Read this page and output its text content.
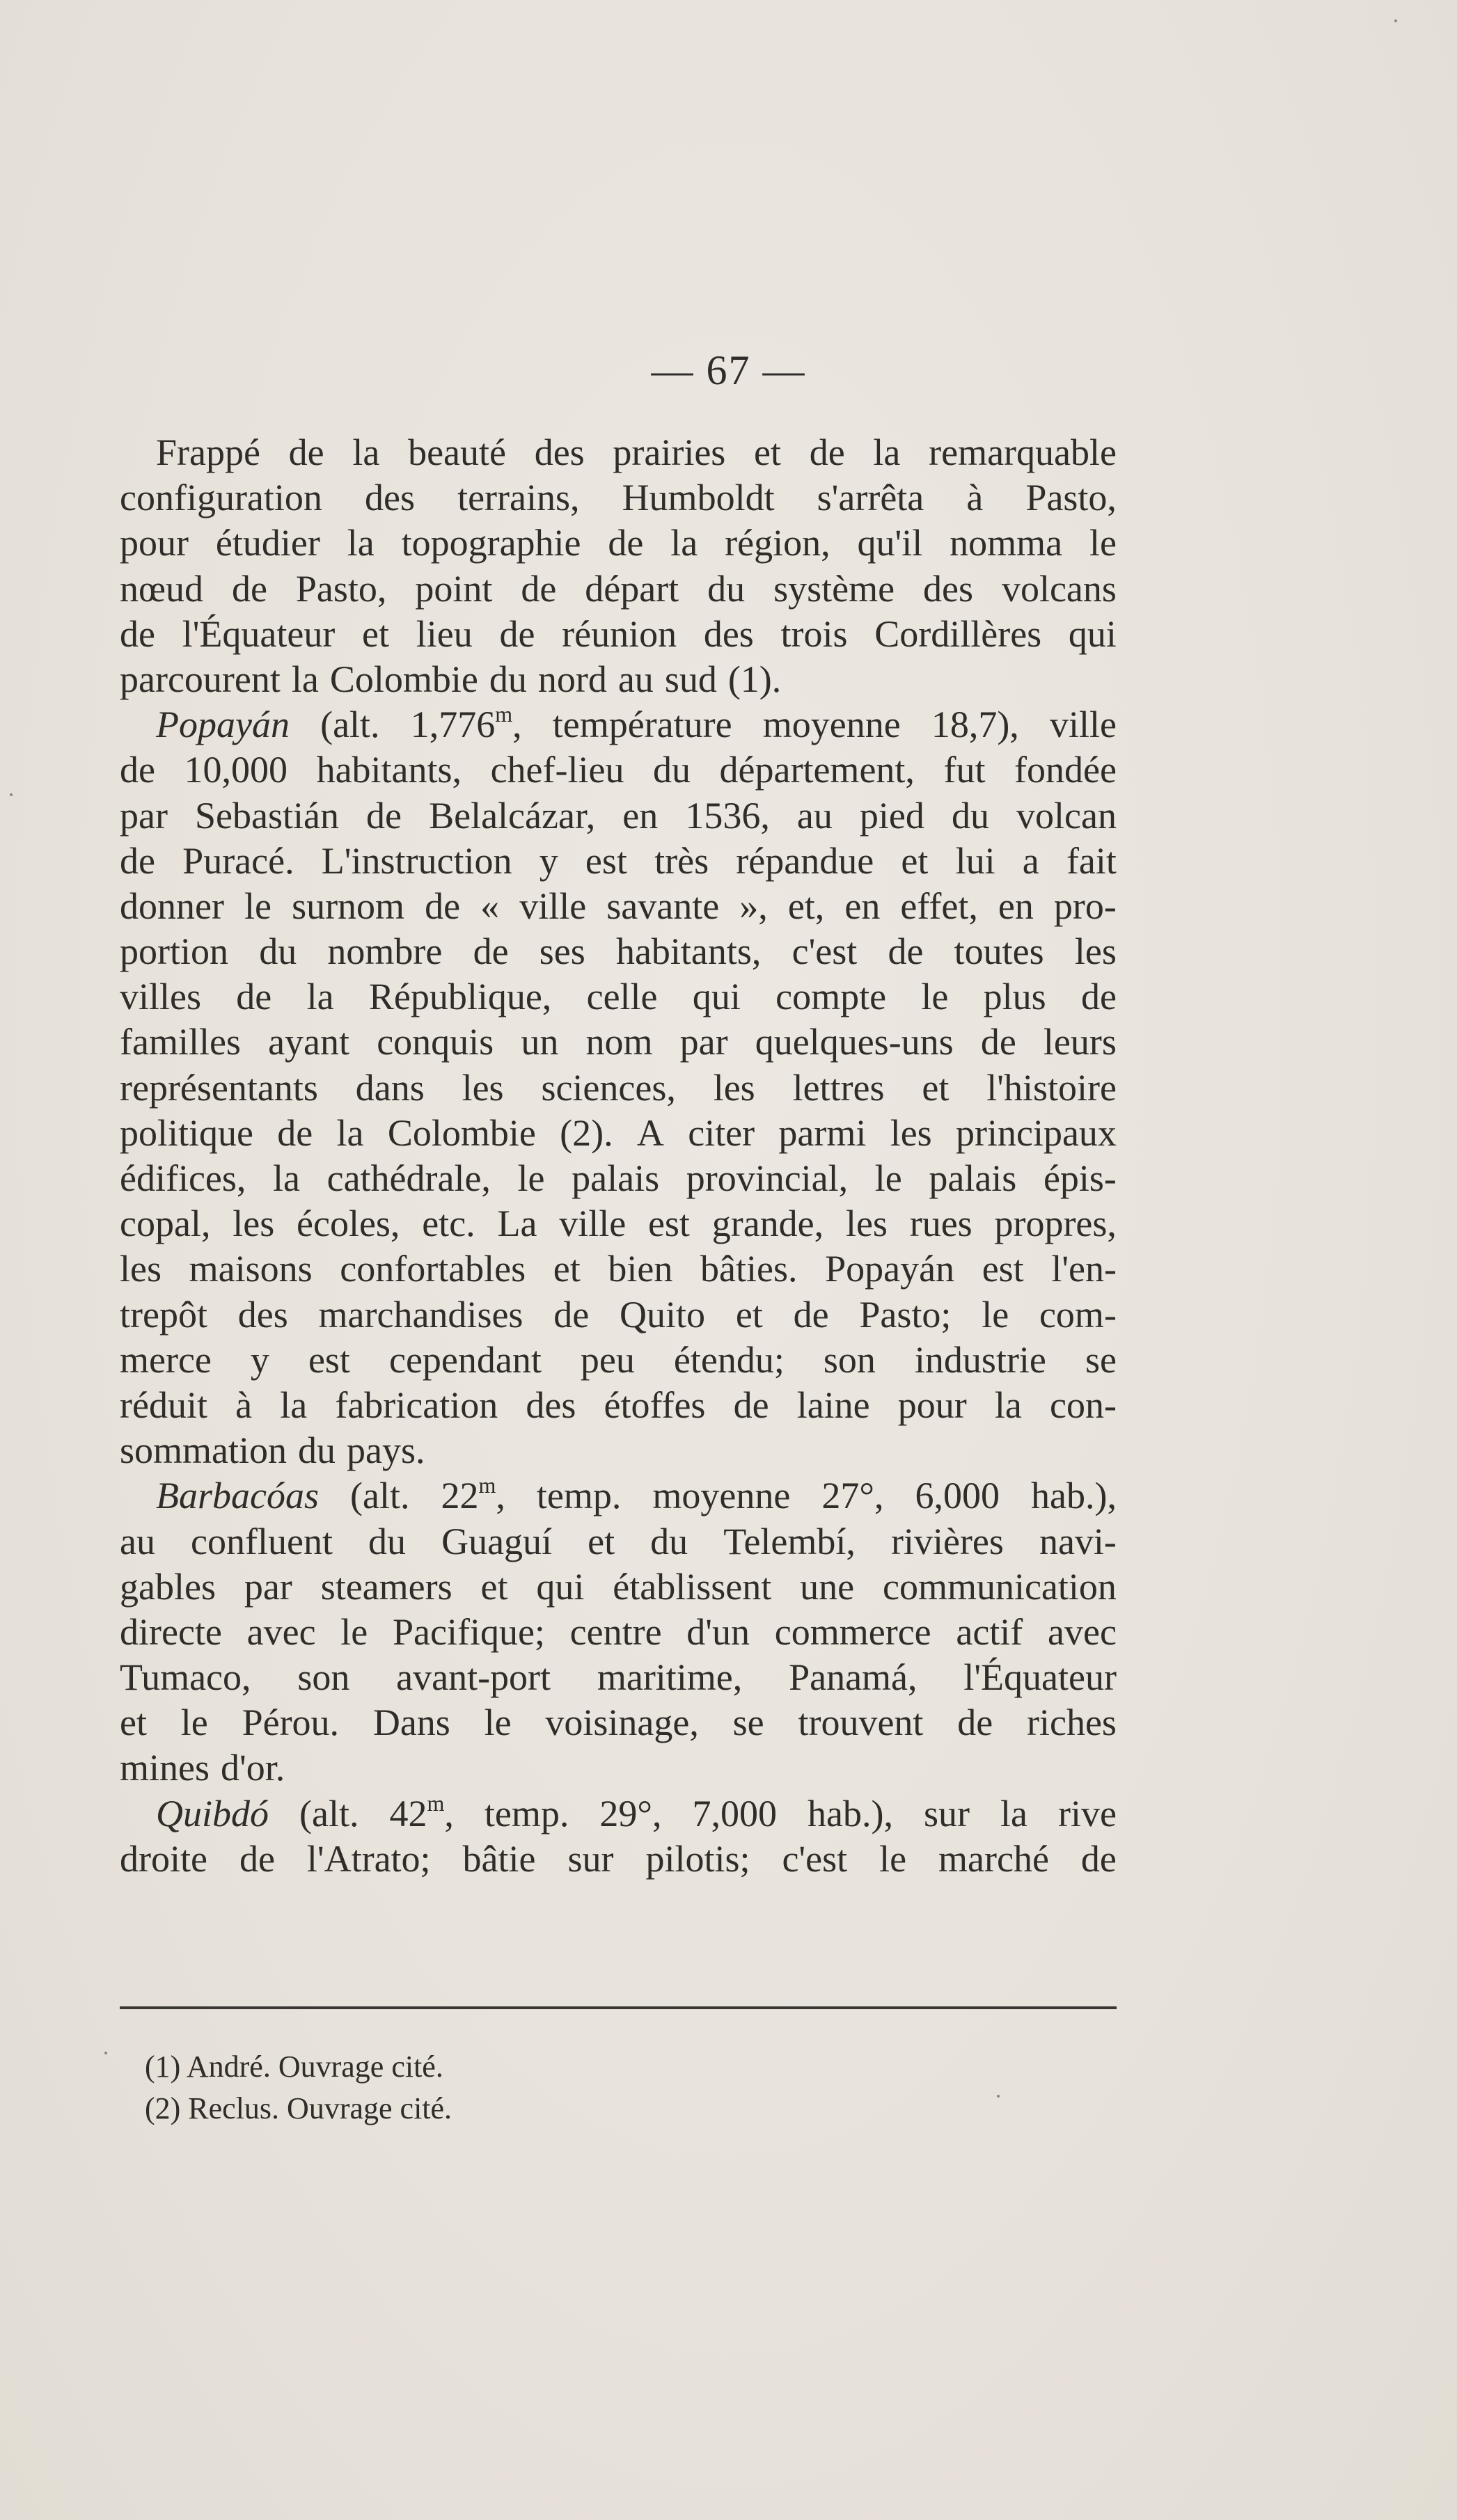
— 67 —
Frappé de la beauté des prairies et de la remarquable
configuration des terrains, Humboldt s'arrêta à Pasto,
pour étudier la topographie de la région, qu'il nomma le
nœud de Pasto, point de départ du système des volcans
de l'Équateur et lieu de réunion des trois Cordillères qui
parcourent la Colombie du nord au sud (1).
Popayán (alt. 1,776$^m$, température moyenne 18,7), ville
de 10,000 habitants, chef-lieu du département, fut fondée
par Sebastián de Belalcázar, en 1536, au pied du volcan
de Puracé. L'instruction y est très répandue et lui a fait
donner le surnom de « ville savante », et, en effet, en pro-
portion du nombre de ses habitants, c'est de toutes les
villes de la République, celle qui compte le plus de
familles ayant conquis un nom par quelques-uns de leurs
représentants dans les sciences, les lettres et l'histoire
politique de la Colombie (2). A citer parmi les principaux
édifices, la cathédrale, le palais provincial, le palais épis-
copal, les écoles, etc. La ville est grande, les rues propres,
les maisons confortables et bien bâties. Popayán est l'en-
trepôt des marchandises de Quito et de Pasto; le com-
merce y est cependant peu étendu; son industrie se
réduit à la fabrication des étoffes de laine pour la con-
sommation du pays.
Barbacóas (alt. 22$^m$, temp. moyenne 27°, 6,000 hab.),
au confluent du Guaguí et du Telembí, rivières navi-
gables par steamers et qui établissent une communication
directe avec le Pacifique; centre d'un commerce actif avec
Tumaco, son avant-port maritime, Panamá, l'Équateur
et le Pérou. Dans le voisinage, se trouvent de riches
mines d'or.
Quibdó (alt. 42$^m$, temp. 29°, 7,000 hab.), sur la rive
droite de l'Atrato; bâtie sur pilotis; c'est le marché de
(1) André. Ouvrage cité.
(2) Reclus. Ouvrage cité.
